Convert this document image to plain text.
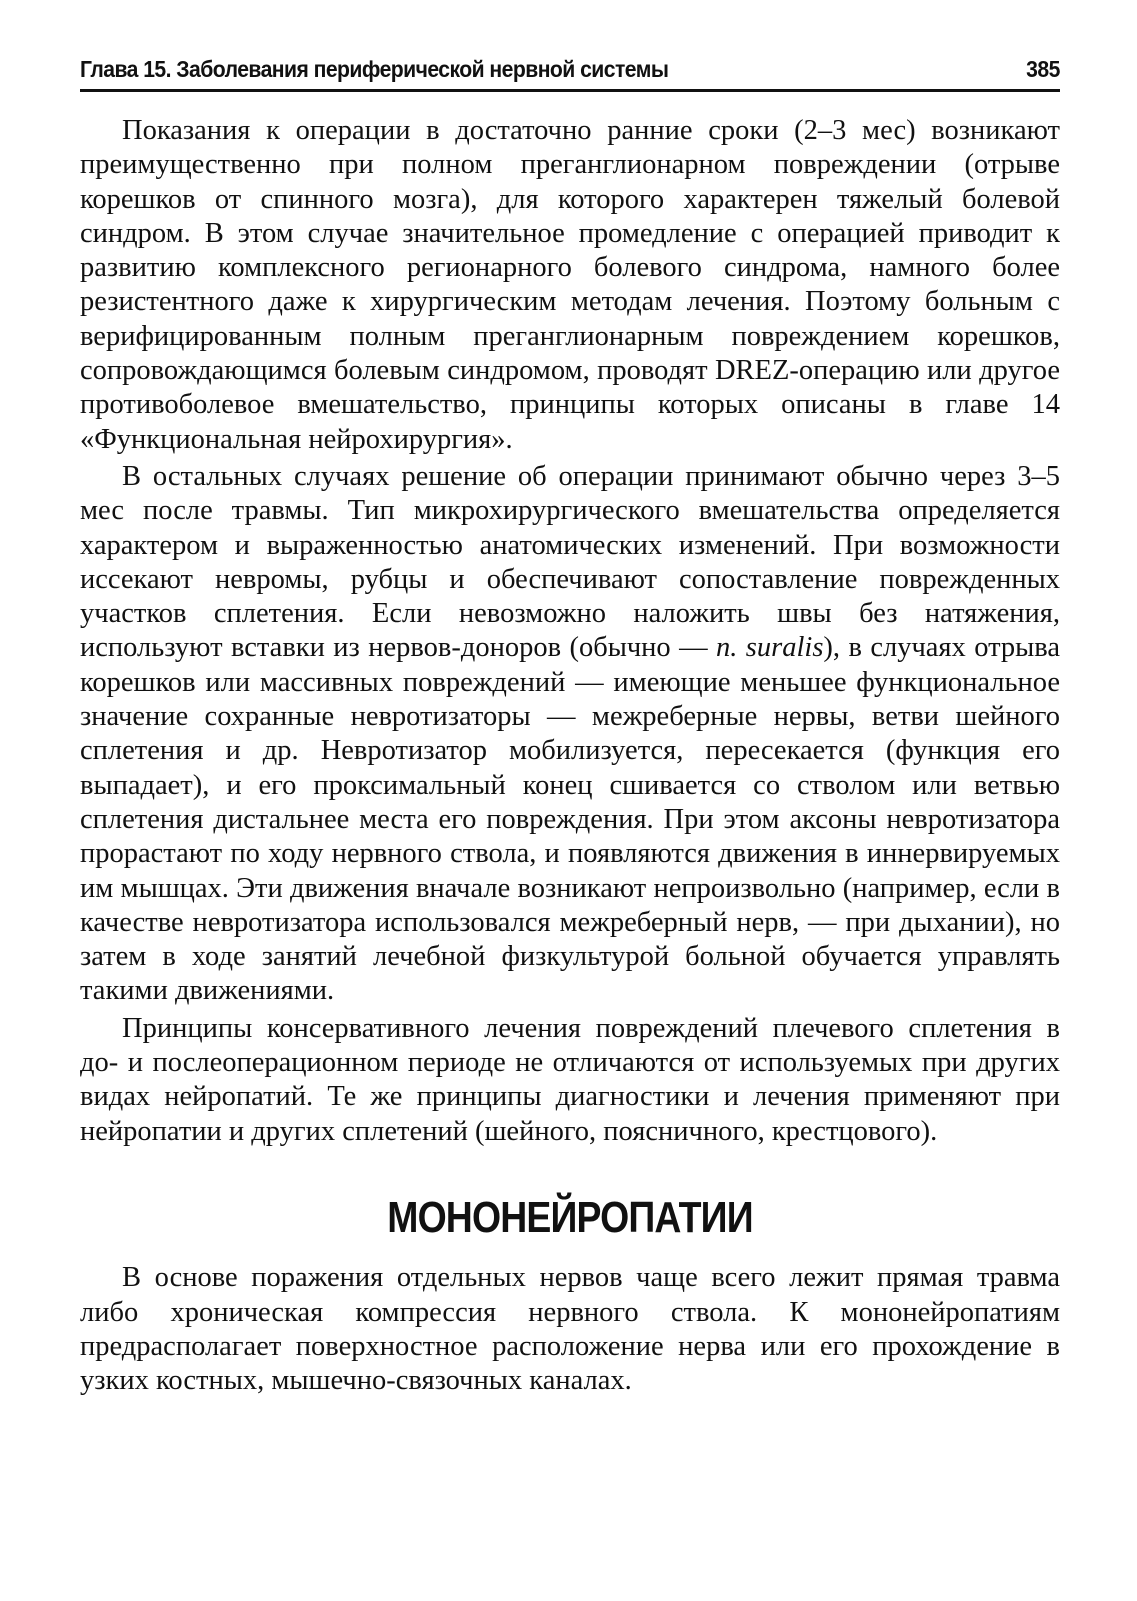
Глава 15. Заболевания периферической нервной системы	385

Показания к операции в достаточно ранние сроки (2–3 мес) возникают преимущественно при полном преганглионарном повреждении (отрыве корешков от спинного мозга), для которого характерен тяжелый болевой синдром. В этом случае значительное промедление с операцией приводит к развитию комплексного регионарного болевого синдрома, намного более резистентного даже к хирургическим методам лечения. Поэтому больным с верифицированным полным преганглионарным повреждением корешков, сопровождающимся болевым синдромом, проводят DREZ-операцию или другое противоболевое вмешательство, принципы которых описаны в главе 14 «Функциональная нейрохирургия».

В остальных случаях решение об операции принимают обычно через 3–5 мес после травмы. Тип микрохирургического вмешательства определяется характером и выраженностью анатомических изменений. При возможности иссекают невромы, рубцы и обеспечивают сопоставление поврежденных участков сплетения. Если невозможно наложить швы без натяжения, используют вставки из нервов-доноров (обычно — n. suralis), в случаях отрыва корешков или массивных повреждений — имеющие меньшее функциональное значение сохранные невротизаторы — межреберные нервы, ветви шейного сплетения и др. Невротизатор мобилизуется, пересекается (функция его выпадает), и его проксимальный конец сшивается со стволом или ветвью сплетения дистальнее места его повреждения. При этом аксоны невротизатора прорастают по ходу нервного ствола, и появляются движения в иннервируемых им мышцах. Эти движения вначале возникают непроизвольно (например, если в качестве невротизатора использовался межреберный нерв, — при дыхании), но затем в ходе занятий лечебной физкультурой больной обучается управлять такими движениями.

Принципы консервативного лечения повреждений плечевого сплетения в до- и послеоперационном периоде не отличаются от используемых при других видах нейропатий. Те же принципы диагностики и лечения применяют при нейропатии и других сплетений (шейного, поясничного, крестцового).

МОНОНЕЙРОПАТИИ

В основе поражения отдельных нервов чаще всего лежит прямая травма либо хроническая компрессия нервного ствола. К мононейропатиям предрасполагает поверхностное расположение нерва или его прохождение в узких костных, мышечно-связочных каналах.
